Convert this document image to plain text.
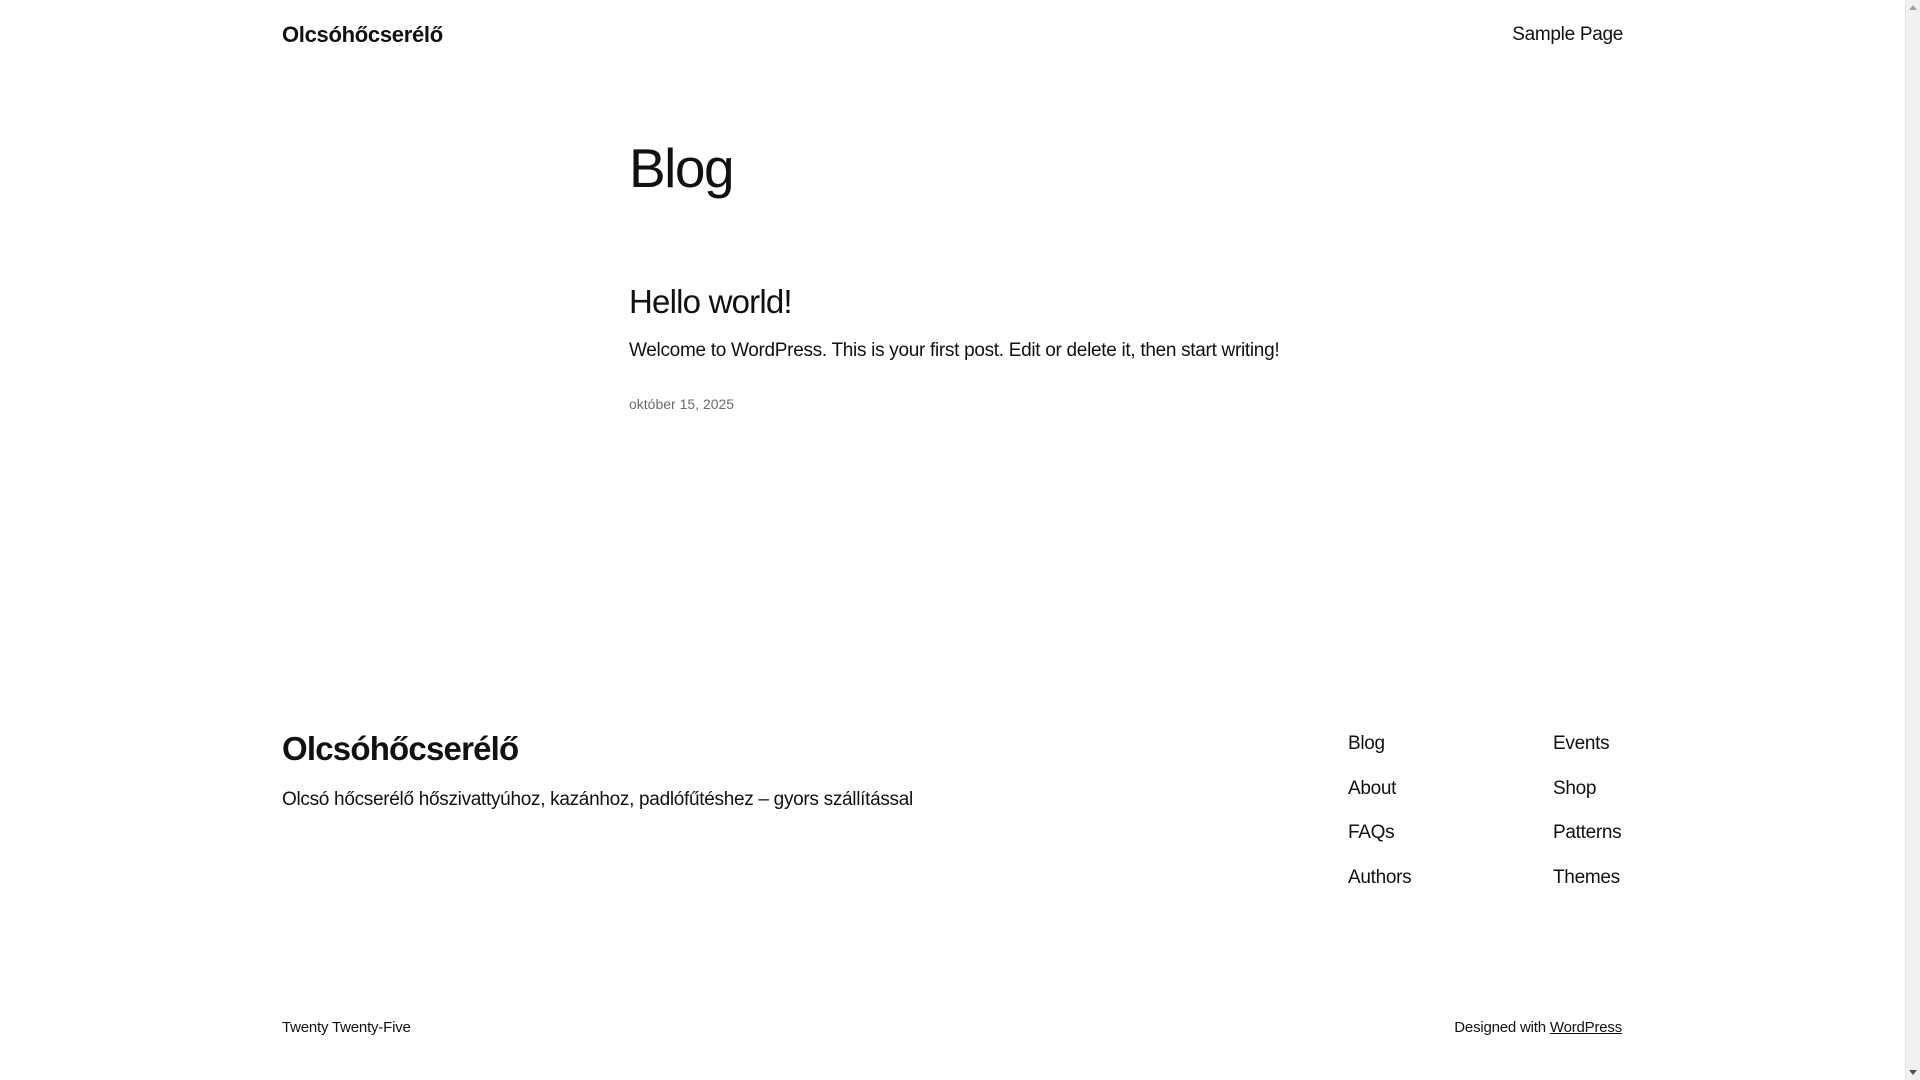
Olcsóhőcserélő	Sample Page
Blog
Hello world!

Welcome to WordPress. This is your first post. Edit or delete it, then start writing!

október 15, 2025
Olcsóhőcserélő
Olcsó hőcserélő hőszivattyúhoz, kazánhoz, padlófűtéshez – gyors szállítással
Blog
About
FAQs
Authors
Events
Shop
Patterns
Themes
Twenty Twenty-Five	Designed with WordPress
